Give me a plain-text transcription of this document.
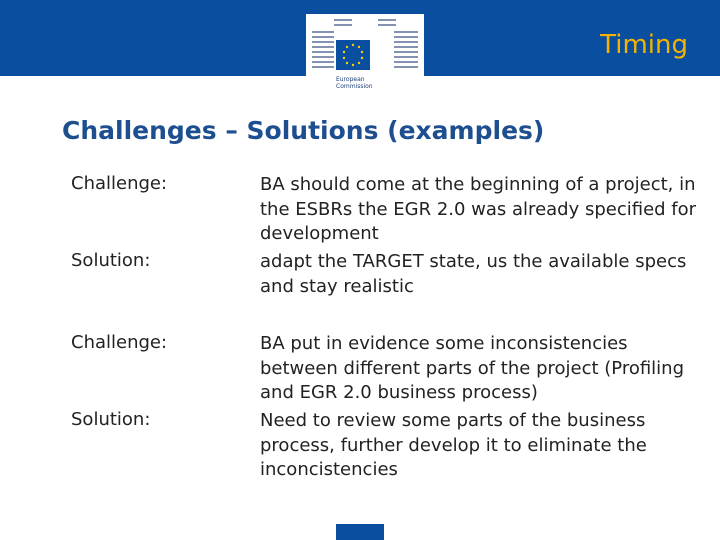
European
Commission
Timing
Challenges – Solutions (examples)
Challenge:	BA should come at the beginning of a project, in the ESBRs the EGR 2.0 was already specified for development
Solution:	adapt the TARGET state, us the available specs and stay realistic
Challenge:	BA put in evidence some inconsistencies between different parts of the project (Profiling and EGR 2.0 business process)
Solution:	Need to review some parts of the business process, further develop it to eliminate the inconcistencies
